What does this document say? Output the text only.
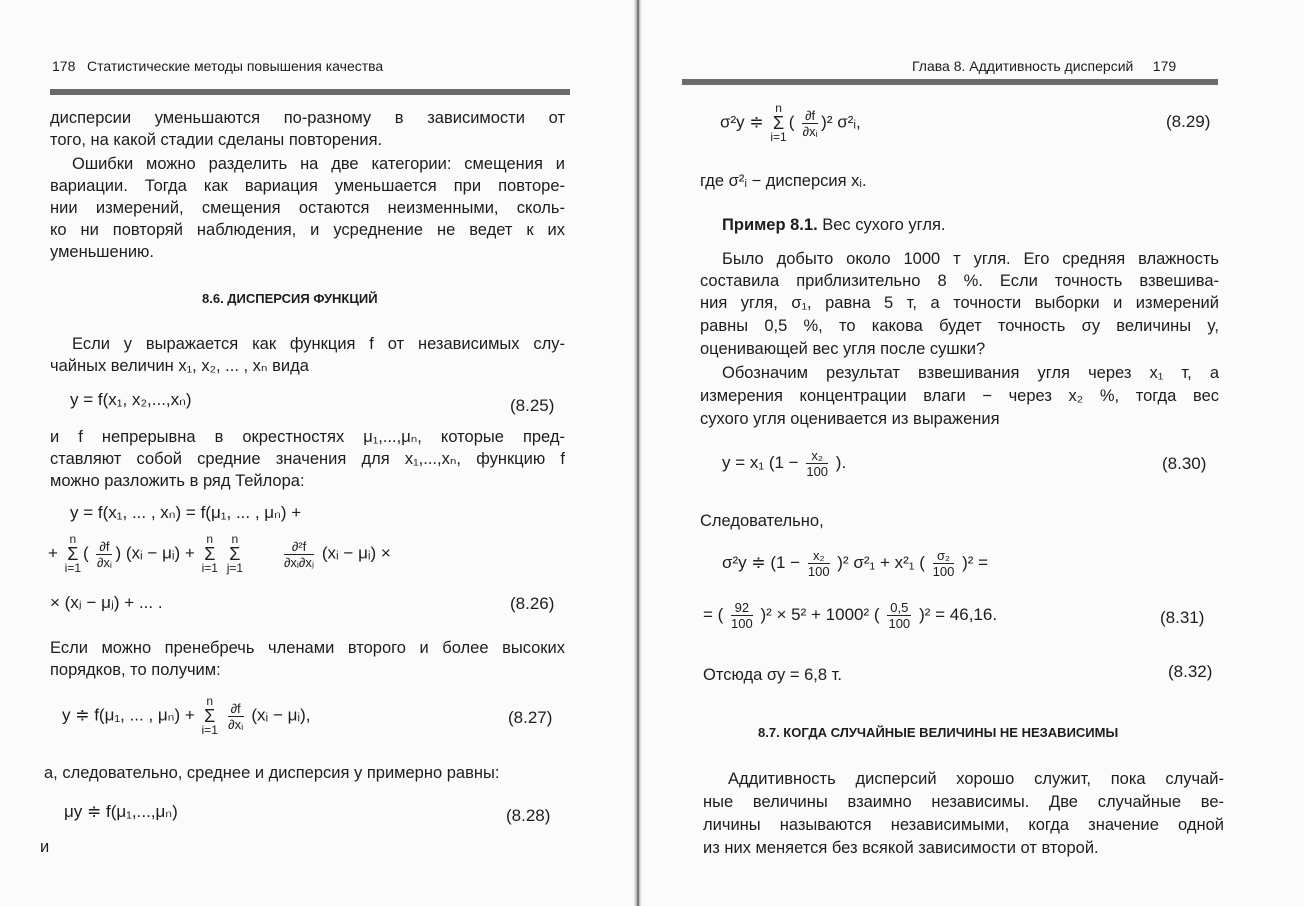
178 Статистические методы повышения качества
дисперсии уменьшаются по-разному в зависимости от
того, на какой стадии сделаны повторения.
Ошибки можно разделить на две категории: смещения и
вариации. Тогда как вариация уменьшается при повторе-
нии измерений, смещения остаются неизменными, сколь-
ко ни повторяй наблюдения, и усреднение не ведет к их
уменьшению.
8.6. ДИСПЕРСИЯ ФУНКЦИЙ
Если y выражается как функция f от независимых слу-
чайных величин x₁, x₂, ... , xₙ вида
y = f(x₁, x₂,...,xₙ)	(8.25)
и f непрерывна в окрестностях μ₁,...,μₙ, которые пред-
ставляют собой средние значения для x₁,...,xₙ, функцию f
можно разложить в ряд Тейлора:
y = f(x₁, ... , xₙ) = f(μ₁, ... , μₙ) +
+ n
Σ
$i=1( \frac{\partial f}{\text{∂xᵢ}}$ ) (xᵢ − μᵢ) + n
Σ
i=1 n
Σ
j=1	$\frac{\text{∂²f}}{\text{∂xᵢ∂xⱼ}}$ (xᵢ − μᵢ) ×
× (xⱼ − μⱼ) + ... .	(8.26)
Если можно пренебречь членами второго и более высоких
порядков, то получим:
y ≑ f(μ₁, ... , μₙ) + n
Σ
$i=1 \frac{\partial f}{\text{∂xᵢ}}$ (xᵢ − μᵢ),	(8.27)
а, следовательно, среднее и дисперсия y примерно равны:
μy ≑ f(μ₁,...,μₙ)	(8.28)
и
Глава 8. Аддитивность дисперсий 179
σ²y ≑ n
Σ
$i=1( \frac{\partial f}{\text{∂xᵢ}} )^2$ σ²ᵢ,	(8.29)
где σ²ᵢ − дисперсия xᵢ.
Пример 8.1. Вес сухого угля.
Было добыто около 1000 т угля. Его средняя влажность
составила приблизительно 8 %. Если точность взвешива-
ния угля, σ₁, равна 5 т, а точности выборки и измерений
равны 0,5 %, то какова будет точность σy величины y,
оценивающей вес угля после сушки?
Обозначим результат взвешивания угля через x₁ т, а
измерения концентрации влаги − через x₂ %, тогда вес
сухого угля оценивается из выражения
y = x₁ ($1 - \frac{\text{x₂}}{100}$ ).	(8.30)
Следовательно,
σ²y ≑ $(1 - \frac{\text{x₂}}{100} )^2$ σ²₁ + x²₁ ( $\frac{\text{σ₂}}{100} )^2$ =
= ( $\frac{92}{100} )^2 \times 5^2 + 1000^2$ ( $\frac{0,5}{100} )^2 = 46,16$.	(8.31)
Отсюда σy = 6,8 т.	(8.32)
8.7. КОГДА СЛУЧАЙНЫЕ ВЕЛИЧИНЫ НЕ НЕЗАВИСИМЫ
Аддитивность дисперсий хорошо служит, пока случай-
ные величины взаимно независимы. Две случайные ве-
личины называются независимыми, когда значение одной
из них меняется без всякой зависимости от второй.
